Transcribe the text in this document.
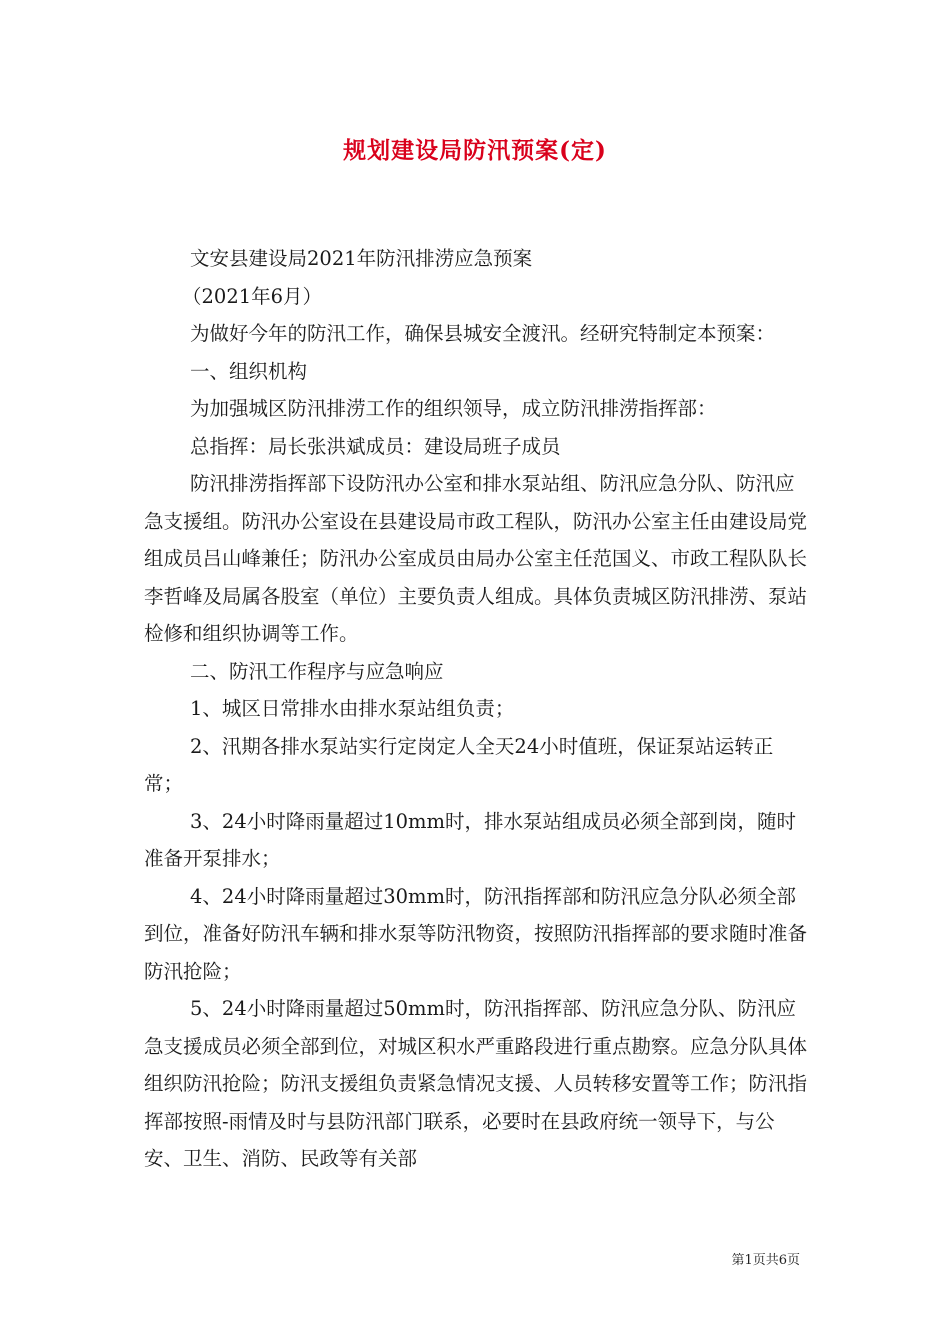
规划建设局防汛预案(定)

文安县建设局2021年防汛排涝应急预案

（2021年6月）

为做好今年的防汛工作，确保县城安全渡汛。经研究特制定本预案：

一、组织机构

为加强城区防汛排涝工作的组织领导，成立防汛排涝指挥部：

总指挥：局长张洪斌成员：建设局班子成员

防汛排涝指挥部下设防汛办公室和排水泵站组、防汛应急分队、防汛应急支援组。防汛办公室设在县建设局市政工程队，防汛办公室主任由建设局党组成员吕山峰兼任；防汛办公室成员由局办公室主任范国义、市政工程队队长李哲峰及局属各股室（单位）主要负责人组成。具体负责城区防汛排涝、泵站检修和组织协调等工作。

二、防汛工作程序与应急响应

1、城区日常排水由排水泵站组负责；

2、汛期各排水泵站实行定岗定人全天24小时值班，保证泵站运转正常；

3、24小时降雨量超过10mm时，排水泵站组成员必须全部到岗，随时准备开泵排水；

4、24小时降雨量超过30mm时，防汛指挥部和防汛应急分队必须全部到位，准备好防汛车辆和排水泵等防汛物资，按照防汛指挥部的要求随时准备防汛抢险；

5、24小时降雨量超过50mm时，防汛指挥部、防汛应急分队、防汛应急支援成员必须全部到位，对城区积水严重路段进行重点勘察。应急分队具体组织防汛抢险；防汛支援组负责紧急情况支援、人员转移安置等工作；防汛指挥部按照-雨情及时与县防汛部门联系，必要时在县政府统一领导下，与公安、卫生、消防、民政等有关部

第1页共6页
